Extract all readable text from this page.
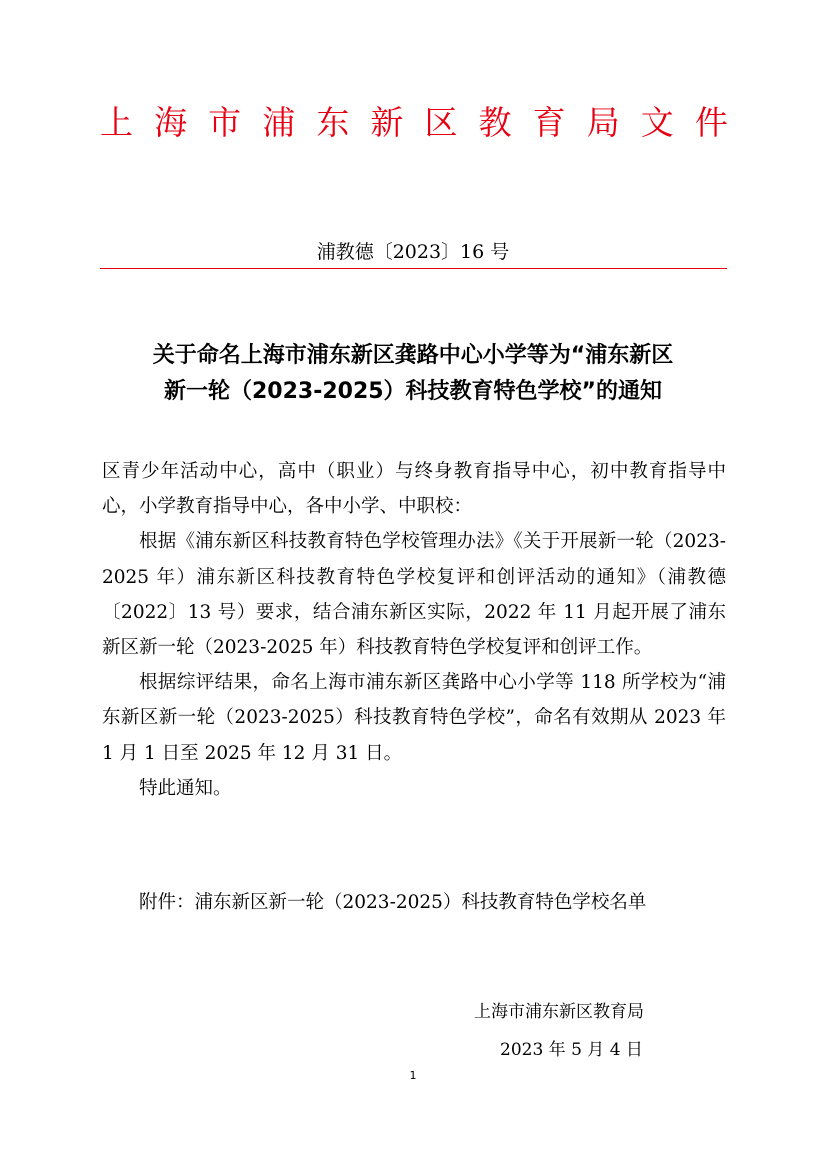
上 海 市 浦 东 新 区 教 育 局 文 件
浦教德〔2023〕16 号
关于命名上海市浦东新区龚路中心小学等为“浦东新区
新一轮（2023-2025）科技教育特色学校”的通知

区青少年活动中心，高中（职业）与终身教育指导中心，初中教育指导中心，小学教育指导中心，各中小学、中职校：

根据《浦东新区科技教育特色学校管理办法》《关于开展新一轮（2023-2025 年）浦东新区科技教育特色学校复评和创评活动的通知》（浦教德〔2022〕13 号）要求，结合浦东新区实际，2022 年 11 月起开展了浦东新区新一轮（2023-2025 年）科技教育特色学校复评和创评工作。

根据综评结果，命名上海市浦东新区龚路中心小学等 118 所学校为“浦东新区新一轮（2023-2025）科技教育特色学校”，命名有效期从 2023 年 1 月 1 日至 2025 年 12 月 31 日。

特此通知。

附件：浦东新区新一轮（2023-2025）科技教育特色学校名单
上海市浦东新区教育局
2023 年 5 月 4 日
1
